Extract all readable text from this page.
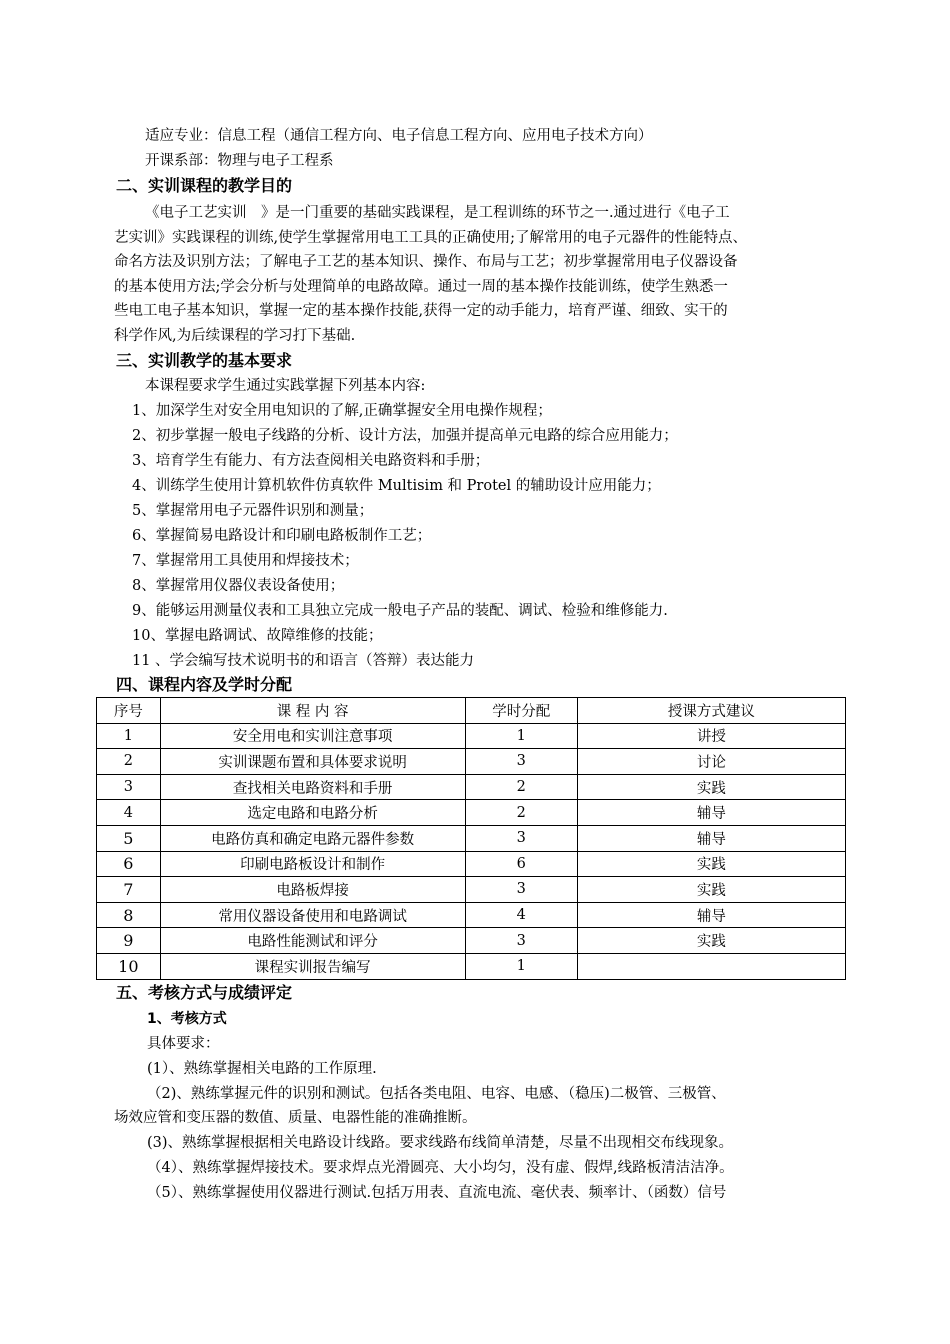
适应专业：信息工程（通信工程方向、电子信息工程方向、应用电子技术方向）
开课系部：物理与电子工程系
二、实训课程的教学目的
《电子工艺实训　》是一门重要的基础实践课程，是工程训练的环节之一.通过进行《电子工
艺实训》实践课程的训练,使学生掌握常用电工工具的正确使用;了解常用的电子元器件的性能特点、
命名方法及识别方法；了解电子工艺的基本知识、操作、布局与工艺；初步掌握常用电子仪器设备
的基本使用方法;学会分析与处理简单的电路故障。通过一周的基本操作技能训练，使学生熟悉一
些电工电子基本知识，掌握一定的基本操作技能,获得一定的动手能力，培育严谨、细致、实干的
科学作风,为后续课程的学习打下基础.
三、实训教学的基本要求
本课程要求学生通过实践掌握下列基本内容:
1、加深学生对安全用电知识的了解,正确掌握安全用电操作规程；
2、初步掌握一般电子线路的分析、设计方法，加强并提高单元电路的综合应用能力；
3、培育学生有能力、有方法查阅相关电路资料和手册；
4、训练学生使用计算机软件仿真软件 Multisim 和 Protel 的辅助设计应用能力；
5、掌握常用电子元器件识别和测量；
6、掌握简易电路设计和印刷电路板制作工艺；
7、掌握常用工具使用和焊接技术；
8、掌握常用仪器仪表设备使用；
9、能够运用测量仪表和工具独立完成一般电子产品的装配、调试、检验和维修能力.
10、掌握电路调试、故障维修的技能；
11 、学会编写技术说明书的和语言（答辩）表达能力
四、课程内容及学时分配
序号	课 程 内 容	学时分配	授课方式建议
1	安全用电和实训注意事项	1	讲授
2	实训课题布置和具体要求说明	3	讨论
3	查找相关电路资料和手册	2	实践
4	选定电路和电路分析	2	辅导
5	电路仿真和确定电路元器件参数	3	辅导
6	印刷电路板设计和制作	6	实践
7	电路板焊接	3	实践
8	常用仪器设备使用和电路调试	4	辅导
9	电路性能测试和评分	3	实践
10	课程实训报告编写	1	
五、考核方式与成绩评定
1、考核方式
具体要求：
(1）、熟练掌握相关电路的工作原理.
（2)、熟练掌握元件的识别和测试。包括各类电阻、电容、电感、（稳压)二极管、三极管、
场效应管和变压器的数值、质量、电器性能的准确推断。
(3)、熟练掌握根据相关电路设计线路。要求线路布线简单清楚，尽量不出现相交布线现象。
（4）、熟练掌握焊接技术。要求焊点光滑圆亮、大小均匀，没有虚、假焊,线路板清洁洁净。
（5）、熟练掌握使用仪器进行测试.包括万用表、直流电流、毫伏表、频率计、（函数）信号
